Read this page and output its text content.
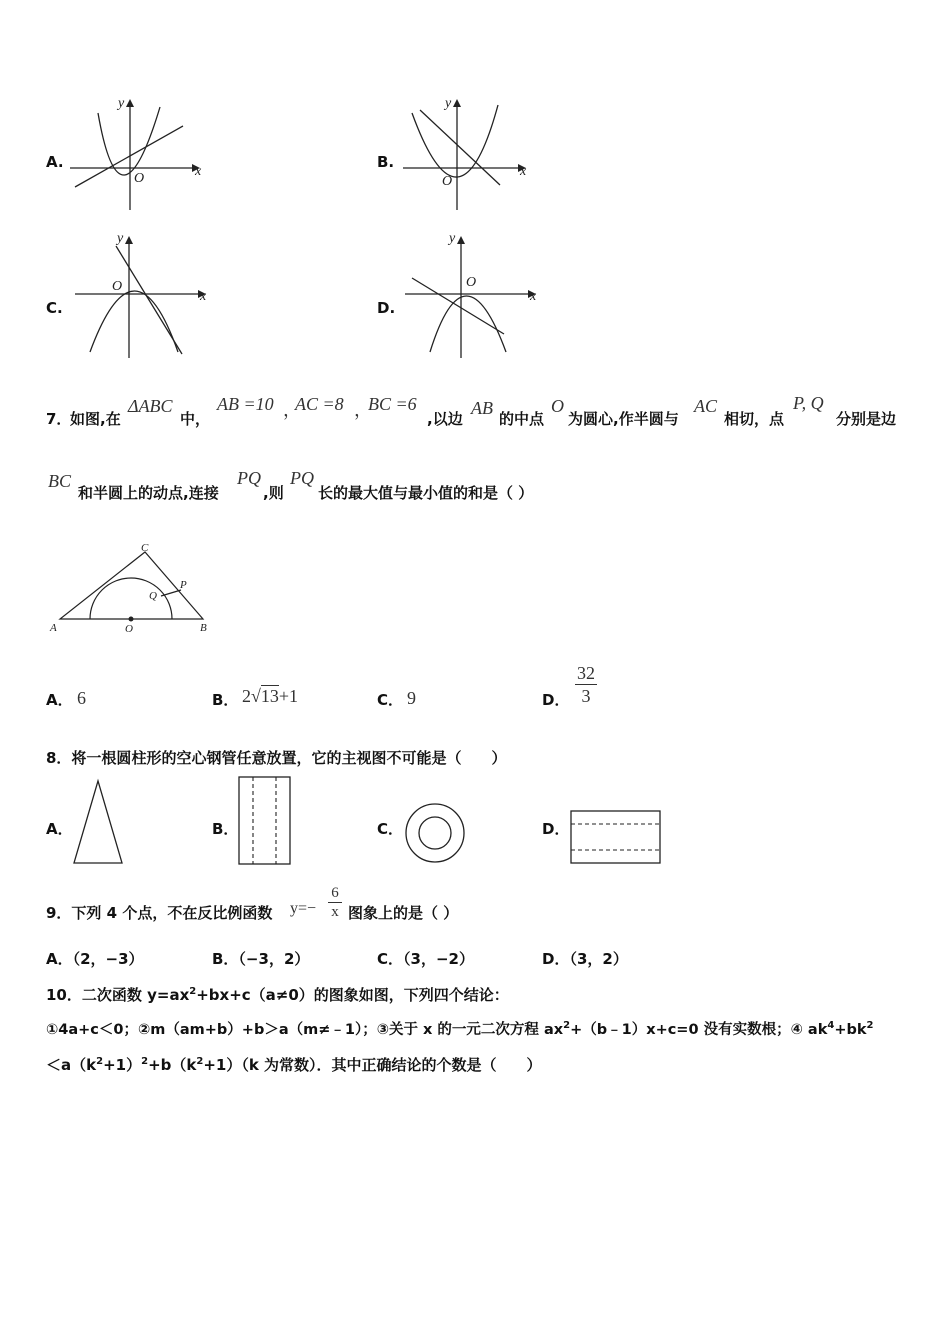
A.
x
y
O
B.
x
y
O
C.
x
y
O
D.
x
y
O
7．
如图,在
ΔABC
中，
AB =10 ，
AC =8 ，
BC =6
,以边
AB
的中点
O
为圆心,作半圆与
AC
相切，点
P, Q
分别是边
BC
和半圆上的动点,连接
PQ
,则
PQ
长的最大值与最小值的和是（ ）
A	B
C
O
P
Q
A． 6	B． 2√13+1	C． 9	D． $\frac{32}{3}$
8．将一根圆柱形的空心钢管任意放置，它的主视图不可能是（　　）
A．	B．	C．	D．
9．下列 4 个点，不在反比例函数 $y=- \frac{6}{x}$ 图象上的是（ ）
A．（2，−3）	B．（−3，2）	C．（3，−2）	D．（3，2）
10．二次函数 $y=ax^2+bx+c(a\ne 0)$的图象如图，下列四个结论：
①4a+c＜0；②m（am+b）+b＞a（m≠﹣1）；③关于 x 的一元二次方程 $ax^2+(b﹣1)x+c=0$ 没有实数根；④ $ak^4+bk^2$
$<a(k^2+1)^2+b(k^2+1)(k$ 为常数）．其中正确结论的个数是（　　）
